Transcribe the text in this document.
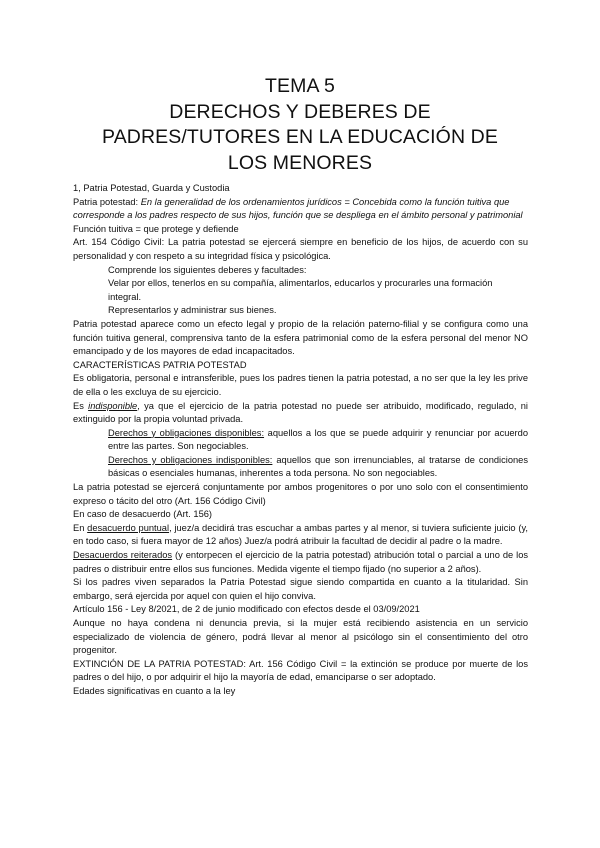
TEMA 5
DERECHOS Y DEBERES DE
PADRES/TUTORES EN LA EDUCACIÓN DE
LOS MENORES

1, Patria Potestad, Guarda y Custodia

Patria potestad: En la generalidad de los ordenamientos jurídicos = Concebida como la función tuitiva que corresponde a los padres respecto de sus hijos, función que se despliega en el ámbito personal y patrimonial

Función tuitiva = que protege y defiende

Art. 154 Código Civil: La patria potestad se ejercerá siempre en beneficio de los hijos, de acuerdo con su personalidad y con respeto a su integridad física y psicológica.

Comprende los siguientes deberes y facultades:

Velar por ellos, tenerlos en su compañía, alimentarlos, educarlos y procurarles una formación integral.

Representarlos y administrar sus bienes.

Patria potestad aparece como un efecto legal y propio de la relación paterno-filial y se configura como una función tuitiva general, comprensiva tanto de la esfera patrimonial como de la esfera personal del menor NO emancipado y de los mayores de edad incapacitados.

CARACTERÍSTICAS PATRIA POTESTAD

Es obligatoria, personal e intransferible, pues los padres tienen la patria potestad, a no ser que la ley les prive de ella o les excluya de su ejercicio.

Es indisponible, ya que el ejercicio de la patria potestad no puede ser atribuido, modificado, regulado, ni extinguido por la propia voluntad privada.

Derechos y obligaciones disponibles: aquellos a los que se puede adquirir y renunciar por acuerdo entre las partes. Son negociables.

Derechos y obligaciones indisponibles: aquellos que son irrenunciables, al tratarse de condiciones básicas o esenciales humanas, inherentes a toda persona. No son negociables.

La patria potestad se ejercerá conjuntamente por ambos progenitores o por uno solo con el consentimiento expreso o tácito del otro (Art. 156 Código Civil)

En caso de desacuerdo (Art. 156)

En desacuerdo puntual, juez/a decidirá tras escuchar a ambas partes y al menor, si tuviera suficiente juicio (y, en todo caso, si fuera mayor de 12 años) Juez/a podrá atribuir la facultad de decidir al padre o la madre.

Desacuerdos reiterados (y entorpecen el ejercicio de la patria potestad) atribución total o parcial a uno de los padres o distribuir entre ellos sus funciones. Medida vigente el tiempo fijado (no superior a 2 años).

Si los padres viven separados la Patria Potestad sigue siendo compartida en cuanto a la titularidad. Sin embargo, será ejercida por aquel con quien el hijo conviva.

Artículo 156 - Ley 8/2021, de 2 de junio modificado con efectos desde el 03/09/2021

Aunque no haya condena ni denuncia previa, si la mujer está recibiendo asistencia en un servicio especializado de violencia de género, podrá llevar al menor al psicólogo sin el consentimiento del otro progenitor.

EXTINCIÓN DE LA PATRIA POTESTAD: Art. 156 Código Civil = la extinción se produce por muerte de los padres o del hijo, o por adquirir el hijo la mayoría de edad, emanciparse o ser adoptado.

Edades significativas en cuanto a la ley
